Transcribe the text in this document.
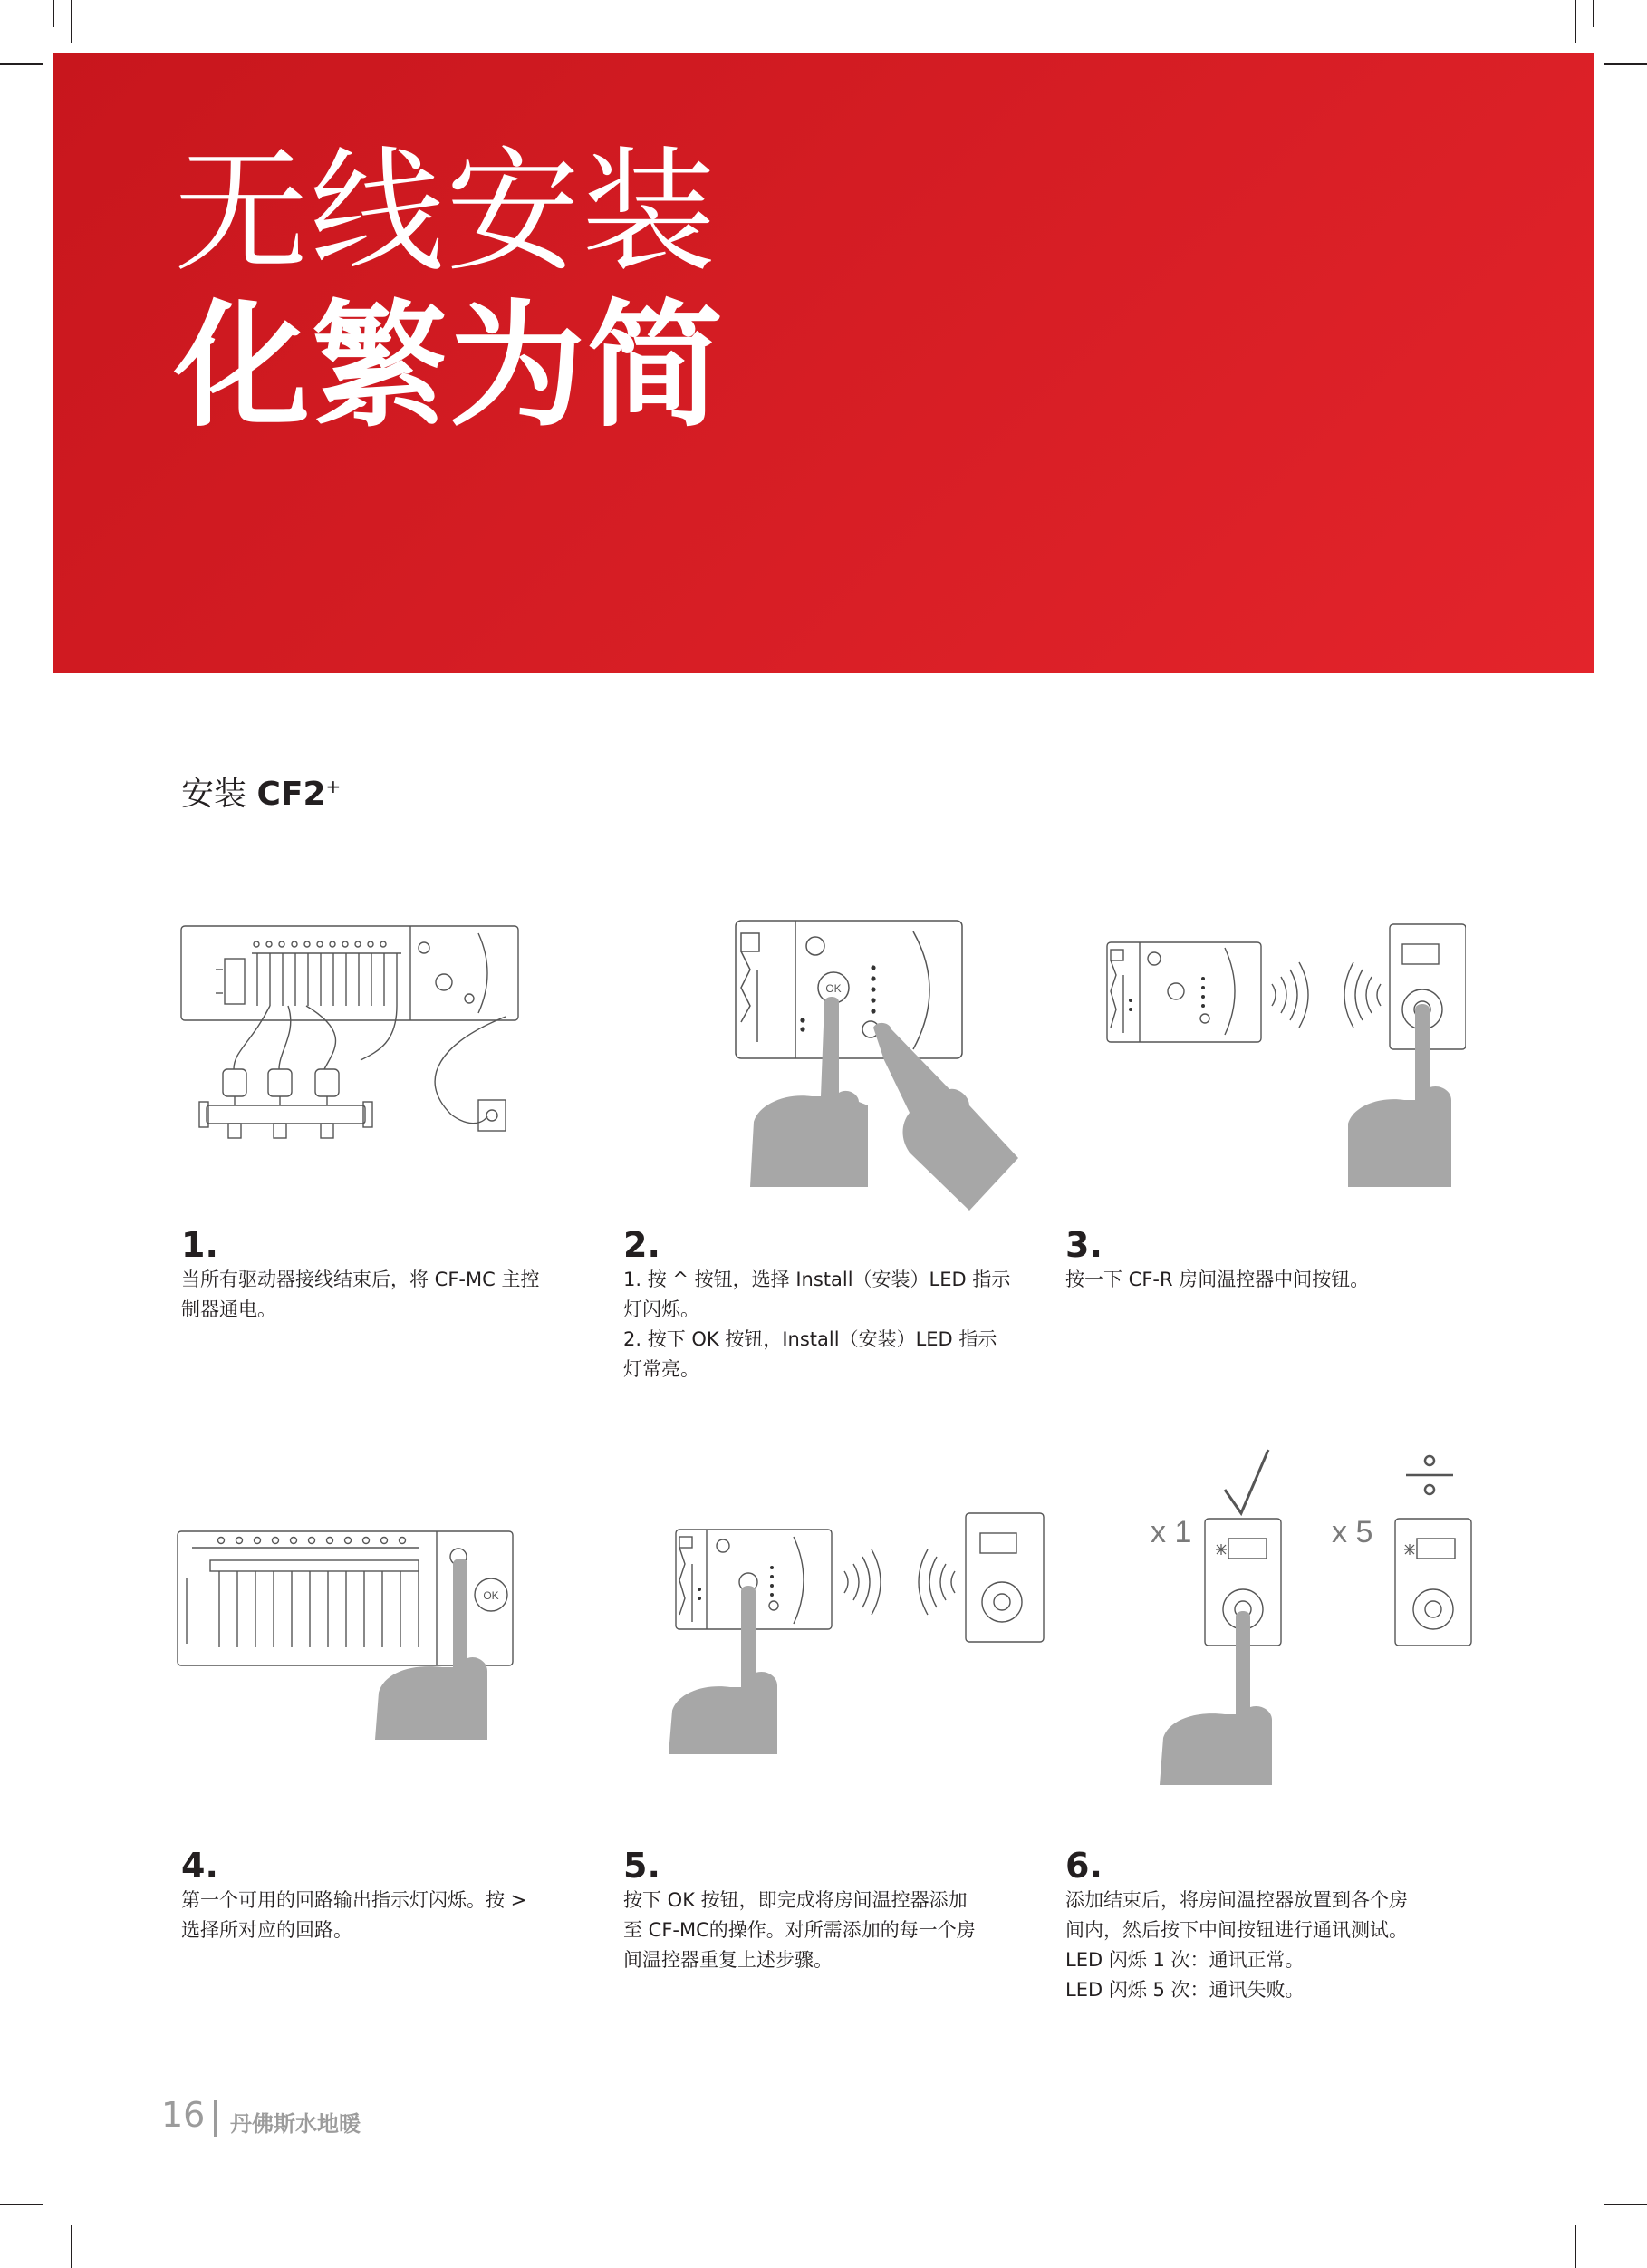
无线安装
化繁为简
安装 CF2+
OK
OK
x 1	x 5
1.
当所有驱动器接线结束后，将 CF-MC 主控
制器通电。
2.
1. 按 ^ 按钮，选择 Install（安装）LED 指示
灯闪烁。
2. 按下 OK 按钮，Install（安装）LED 指示
灯常亮。
3.
按一下 CF-R 房间温控器中间按钮。
4.
第一个可用的回路输出指示灯闪烁。按 >
选择所对应的回路。
5.
按下 OK 按钮，即完成将房间温控器添加
至 CF-MC的操作。对所需添加的每一个房
间温控器重复上述步骤。
6.
添加结束后，将房间温控器放置到各个房
间内，然后按下中间按钮进行通讯测试。
LED 闪烁 1 次：通讯正常。
LED 闪烁 5 次：通讯失败。
16 丹佛斯水地暖
